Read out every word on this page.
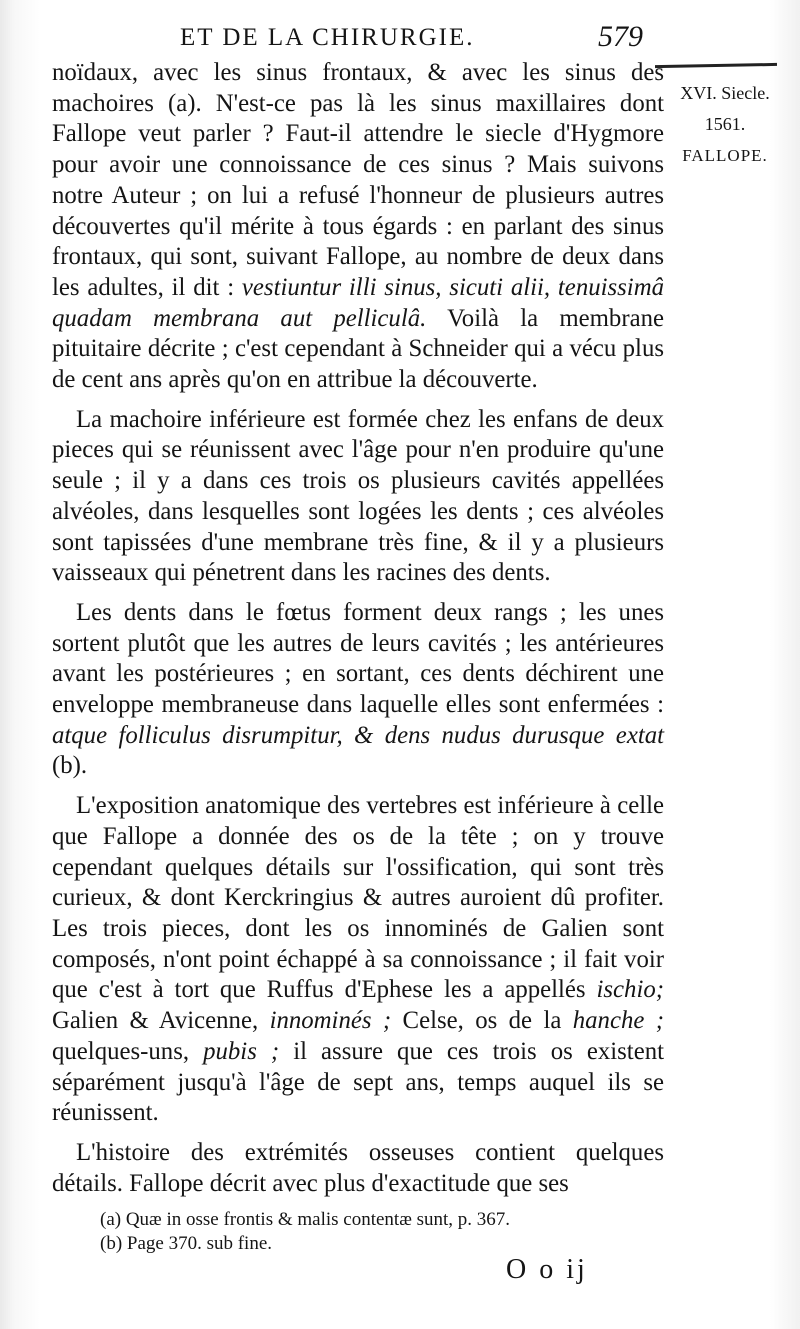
ET DE LA CHIRURGIE.	579
XVI. Siecle.
1561.
FALLOPE.

noïdaux, avec les sinus frontaux, & avec les sinus des machoires (a). N'est-ce pas là les sinus maxillaires dont Fallope veut parler ? Faut-il attendre le siecle d'Hygmore pour avoir une connoissance de ces sinus ? Mais suivons notre Auteur ; on lui a refusé l'honneur de plusieurs autres découvertes qu'il mérite à tous égards : en parlant des sinus frontaux, qui sont, suivant Fallope, au nombre de deux dans les adultes, il dit : vestiuntur illi sinus, sicuti alii, tenuissimâ quadam membrana aut pelliculâ. Voilà la membrane pituitaire décrite ; c'est cependant à Schneider qui a vécu plus de cent ans après qu'on en attribue la découverte.

La machoire inférieure est formée chez les enfans de deux pieces qui se réunissent avec l'âge pour n'en produire qu'une seule ; il y a dans ces trois os plusieurs cavités appellées alvéoles, dans lesquelles sont logées les dents ; ces alvéoles sont tapissées d'une membrane très fine, & il y a plusieurs vaisseaux qui pénetrent dans les racines des dents.

Les dents dans le fœtus forment deux rangs ; les unes sortent plutôt que les autres de leurs cavités ; les antérieures avant les postérieures ; en sortant, ces dents déchirent une enveloppe membraneuse dans laquelle elles sont enfermées : atque folliculus disrumpitur, & dens nudus durusque extat (b).

L'exposition anatomique des vertebres est inférieure à celle que Fallope a donnée des os de la tête ; on y trouve cependant quelques détails sur l'ossification, qui sont très curieux, & dont Kerckringius & autres auroient dû profiter. Les trois pieces, dont les os innominés de Galien sont composés, n'ont point échappé à sa connoissance ; il fait voir que c'est à tort que Ruffus d'Ephese les a appellés ischio; Galien & Avicenne, innominés ; Celse, os de la hanche ; quelques-uns, pubis ; il assure que ces trois os existent séparément jusqu'à l'âge de sept ans, temps auquel ils se réunissent.

L'histoire des extrémités osseuses contient quelques détails. Fallope décrit avec plus d'exactitude que ses

(a) Quæ in osse frontis & malis contentæ sunt, p. 367.
(b) Page 370. sub fine.
O o ij
